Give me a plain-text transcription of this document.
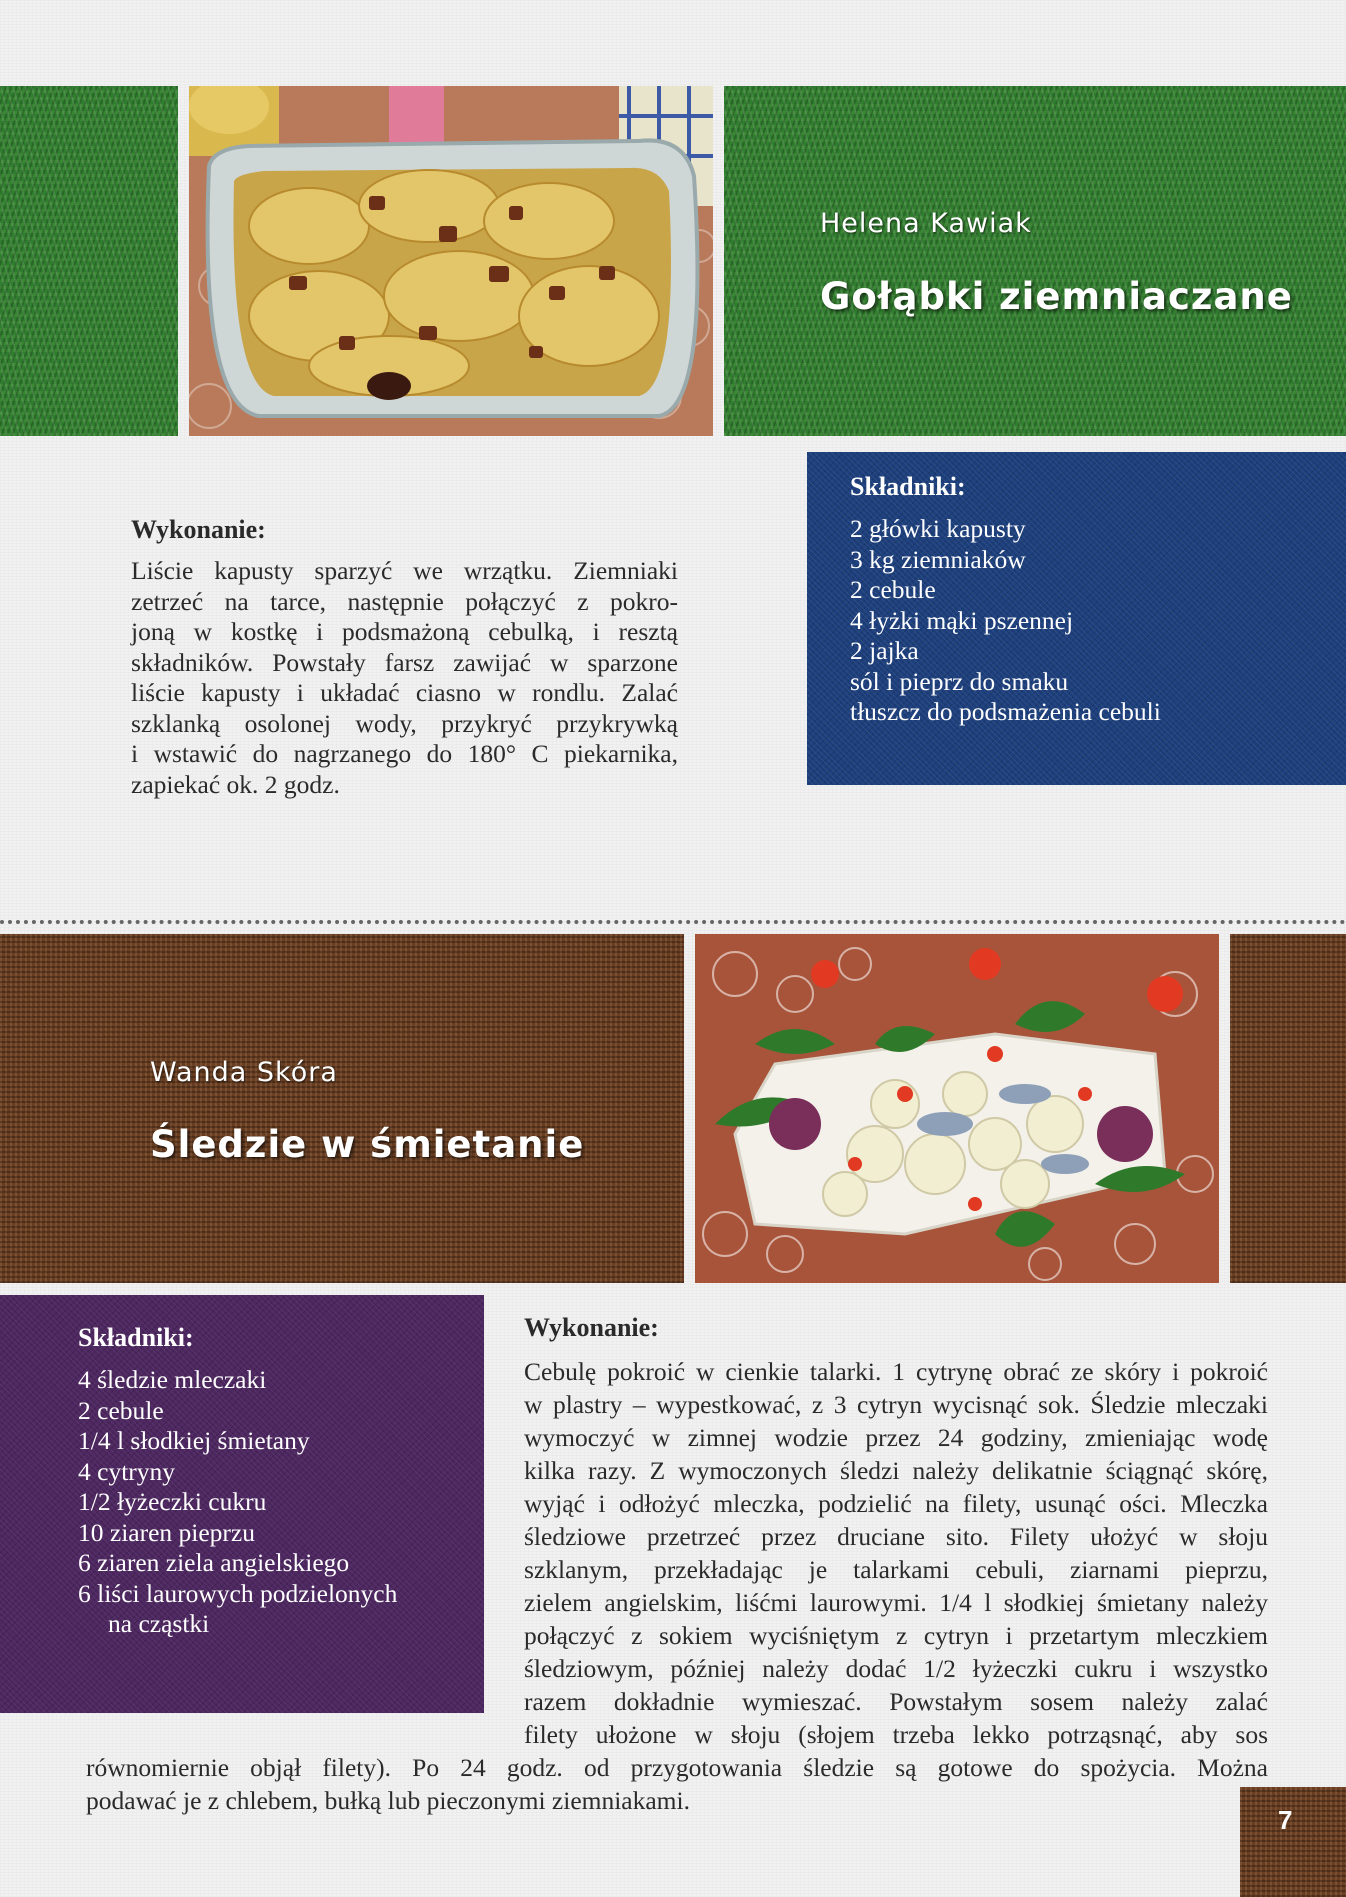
Helena Kawiak
Gołąbki ziemniaczane
Składniki:
2 główki kapusty
3 kg ziemniaków
2 cebule
4 łyżki mąki pszennej
2 jajka
sól i pieprz do smaku
tłuszcz do podsmażenia cebuli
Wykonanie:
Liście kapusty sparzyć we wrzątku. Ziemniaki
zetrzeć na tarce, następnie połączyć z pokro-
joną w kostkę i podsmażoną cebulką, i resztą
składników. Powstały farsz zawijać w sparzone
liście kapusty i układać ciasno w rondlu. Zalać
szklanką osolonej wody, przykryć przykrywką
i wstawić do nagrzanego do 180° C piekarnika,
zapiekać ok. 2 godz.
Wanda Skóra
Śledzie w śmietanie
Składniki:
4 śledzie mleczaki
2 cebule
1/4 l słodkiej śmietany
4 cytryny
1/2 łyżeczki cukru
10 ziaren pieprzu
6 ziaren ziela angielskiego
6 liści laurowych podzielonych
na cząstki
Wykonanie:
Cebulę pokroić w cienkie talarki. 1 cytrynę obrać ze skóry i pokroić
w plastry – wypestkować, z 3 cytryn wycisnąć sok. Śledzie mleczaki
wymoczyć w zimnej wodzie przez 24 godziny, zmieniając wodę
kilka razy. Z wymoczonych śledzi należy delikatnie ściągnąć skórę,
wyjąć i odłożyć mleczka, podzielić na filety, usunąć ości. Mleczka
śledziowe przetrzeć przez druciane sito. Filety ułożyć w słoju
szklanym, przekładając je talarkami cebuli, ziarnami pieprzu,
zielem angielskim, liśćmi laurowymi. 1/4 l słodkiej śmietany należy
połączyć z sokiem wyciśniętym z cytryn i przetartym mleczkiem
śledziowym, później należy dodać 1/2 łyżeczki cukru i wszystko
razem dokładnie wymieszać. Powstałym sosem należy zalać
filety ułożone w słoju (słojem trzeba lekko potrząsnąć, aby sos
równomiernie objął filety). Po 24 godz. od przygotowania śledzie są gotowe do spożycia. Można
podawać je z chlebem, bułką lub pieczonymi ziemniakami.
7
